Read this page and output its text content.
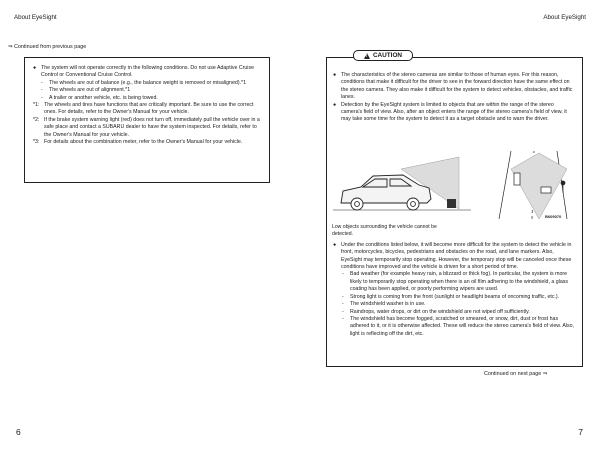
About EyeSight	About EyeSight
⇒ Continued from previous page
● The system will not operate correctly in the following conditions. Do not use Adaptive Cruise Control or Conventional Cruise Control.
-	The wheels are out of balance (e.g., the balance weight is removed or misaligned).*1
-	The wheels are out of alignment.*1
-	A trailer or another vehicle, etc. is being towed.
*1: The wheels and tires have functions that are critically important. Be sure to use the correct ones. For details, refer to the Owner's Manual for your vehicle.
*2: If the brake system warning light (red) does not turn off, immediately pull the vehicle over in a safe place and contact a SUBARU dealer to have the system inspected. For details, refer to the Owner's Manual for your vehicle.
*3: For details about the combination meter, refer to the Owner's Manual for your vehicle.
● The characteristics of the stereo cameras are similar to those of human eyes. For this reason, conditions that make it difficult for the driver to see in the forward direction have the same effect on the stereo camera. They also make it difficult for the system to detect vehicles, obstacles, and traffic lanes.
● Detection by the EyeSight system is limited to objects that are within the range of the stereo camera's field of view. Also, after an object enters the range of the stereo camera's field of view, it may take some time for the system to detect it as a target obstacle and to warn the driver.
● Under the conditions listed below, it will become more difficult for the system to detect the vehicle in front, motorcycles, bicycles, pedestrians and obstacles on the road, and lane markers. Also, EyeSight may temporarily stop operating. However, the temporary stop will be canceled once these conditions have improved and the vehicle is driven for a short period of time.
-	Bad weather (for example heavy rain, a blizzard or thick fog). In particular, the system is more likely to temporarily stop operating when there is an oil film adhering to the windshield, a glass coating has been applied, or poorly performing wipers are used.
-	Strong light is coming from the front (sunlight or headlight beams of oncoming traffic, etc.).
-	The windshield washer is in use.
-	Raindrops, water drops, or dirt on the windshield are not wiped off sufficiently.
-	The windshield has become fogged, scratched or smeared, or snow, dirt, dust or frost has adhered to it, or it is otherwise affected. These will reduce the stereo camera's field of view. Also, light is reflecting off the dirt, etc.
!
CAUTION
Low objects surrounding the vehicle cannot be detected.
B609070
Continued on next page ⇒
6	7
